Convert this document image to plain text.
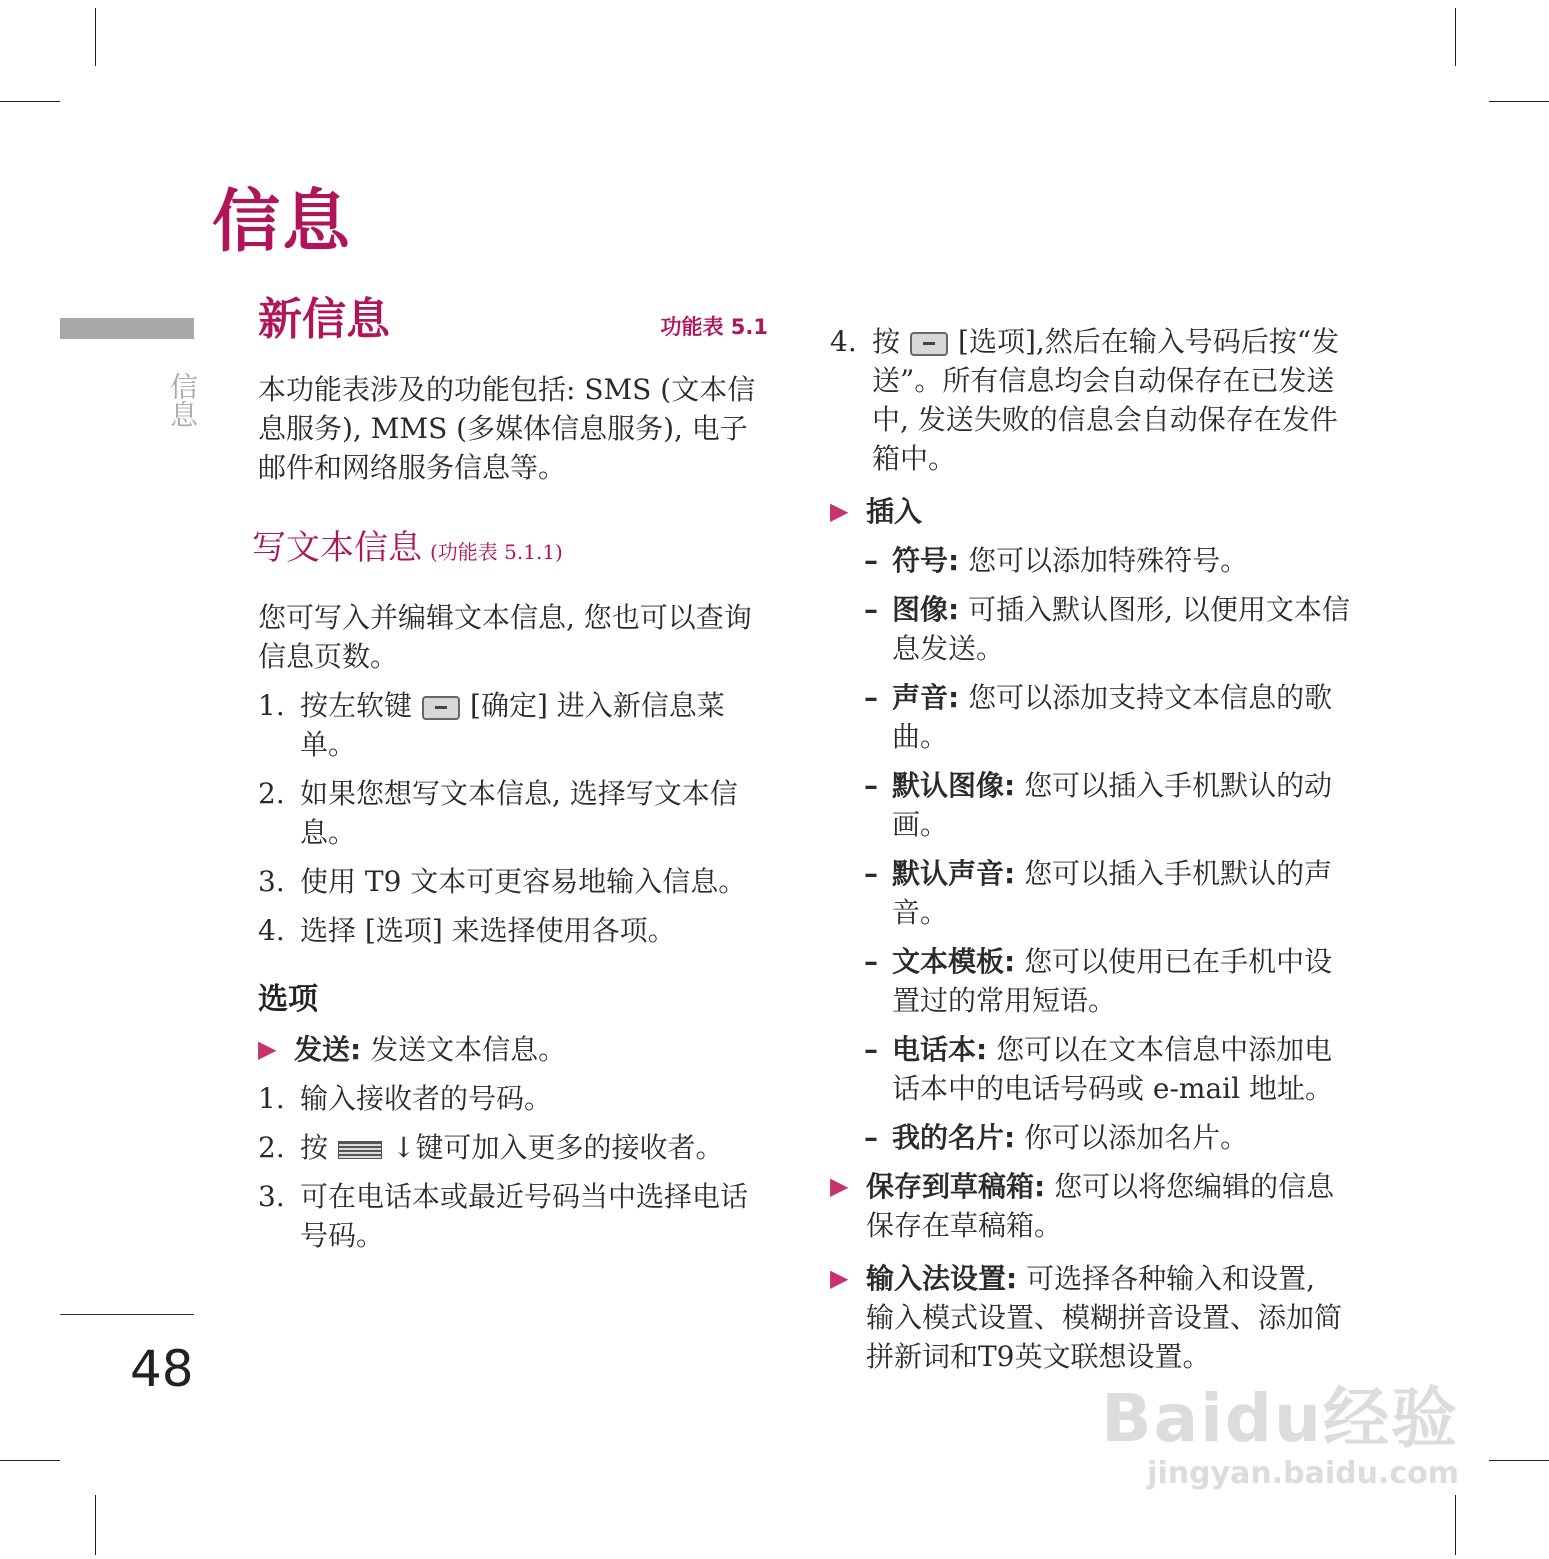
信息
信息
48
新信息	功能表 5.1

本功能表涉及的功能包括: SMS (文本信息服务), MMS (多媒体信息服务), 电子邮件和网络服务信息等。

写文本信息 (功能表 5.1.1)

您可写入并编辑文本信息, 您也可以查询信息页数。

1. 按左软键 [确定] 进入新信息菜单。
2. 如果您想写文本信息, 选择写文本信息。
3. 使用 T9 文本可更容易地输入信息。
4. 选择 [选项] 来选择使用各项。
选项
▶ 发送: 发送文本信息。
1. 输入接收者的号码。
2. 按 ↓键可加入更多的接收者。
3. 可在电话本或最近号码当中选择电话号码。
4. 按 [选项],然后在输入号码后按“发送”。所有信息均会自动保存在已发送中, 发送失败的信息会自动保存在发件箱中。
▶ 插入
– 符号: 您可以添加特殊符号。
– 图像: 可插入默认图形, 以便用文本信息发送。
– 声音: 您可以添加支持文本信息的歌曲。
– 默认图像: 您可以插入手机默认的动画。
– 默认声音: 您可以插入手机默认的声音。
– 文本模板: 您可以使用已在手机中设置过的常用短语。
– 电话本: 您可以在文本信息中添加电话本中的电话号码或 e-mail 地址。
– 我的名片: 你可以添加名片。
▶ 保存到草稿箱: 您可以将您编辑的信息保存在草稿箱。
▶ 输入法设置: 可选择各种输入和设置, 输入模式设置、模糊拼音设置、添加简拼新词和T9英文联想设置。
Baidu经验
jingyan.baidu.com
